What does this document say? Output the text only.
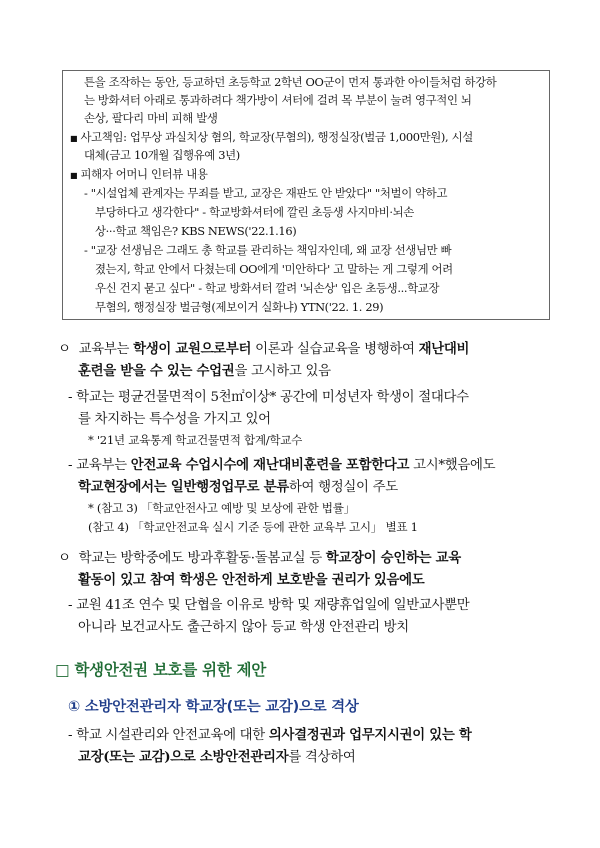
튼을 조작하는 동안, 등교하던 초등학교 2학년 OO군이 먼저 통과한 아이들처럼 하강하
는 방화셔터 아래로 통과하려다 책가방이 셔터에 걸려 목 부분이 눌려 영구적인 뇌
손상, 팔다리 마비 피해 발생
■ 사고책임: 업무상 과실치상 혐의, 학교장(무혐의), 행정실장(벌금 1,000만원), 시설
대체(금고 10개월 집행유예 3년)
■ 피해자 어머니 인터뷰 내용
- "시설업체 관계자는 무죄를 받고, 교장은 재판도 안 받았다" "처벌이 약하고
부당하다고 생각한다" - 학교방화셔터에 깔린 초등생 사지마비·뇌손
상···학교 책임은? KBS NEWS('22.1.16)
- "교장 선생님은 그래도 총 학교를 관리하는 책임자인데, 왜 교장 선생님만 빠
졌는지, 학교 안에서 다쳤는데 OO에게 '미안하다' 고 말하는 게 그렇게 어려
우신 건지 묻고 싶다" - 학교 방화셔터 깔려 '뇌손상' 입은 초등생...학교장
무혐의, 행정실장 벌금형(제보이거 실화냐) YTN('22. 1. 29)
ㅇ 교육부는 학생이 교원으로부터 이론과 실습교육을 병행하여 재난대비
훈련을 받을 수 있는 수업권을 고시하고 있음
- 학교는 평균건물면적이 5천㎡이상* 공간에 미성년자 학생이 절대다수
를 차지하는 특수성을 가지고 있어
* '21년 교육통계 학교건물면적 합계/학교수
- 교육부는 안전교육 수업시수에 재난대비훈련을 포함한다고 고시*했음에도
학교현장에서는 일반행정업무로 분류하여 행정실이 주도
* (참고 3) 「학교안전사고 예방 및 보상에 관한 법률」
(참고 4) 「학교안전교육 실시 기준 등에 관한 교육부 고시」 별표 1
ㅇ 학교는 방학중에도 방과후활동·돌봄교실 등 학교장이 승인하는 교육
활동이 있고 참여 학생은 안전하게 보호받을 권리가 있음에도
- 교원 41조 연수 및 단협을 이유로 방학 및 재량휴업일에 일반교사뿐만
아니라 보건교사도 출근하지 않아 등교 학생 안전관리 방치
□ 학생안전권 보호를 위한 제안
① 소방안전관리자 학교장(또는 교감)으로 격상
- 학교 시설관리와 안전교육에 대한 의사결정권과 업무지시권이 있는 학
교장(또는 교감)으로 소방안전관리자를 격상하여
